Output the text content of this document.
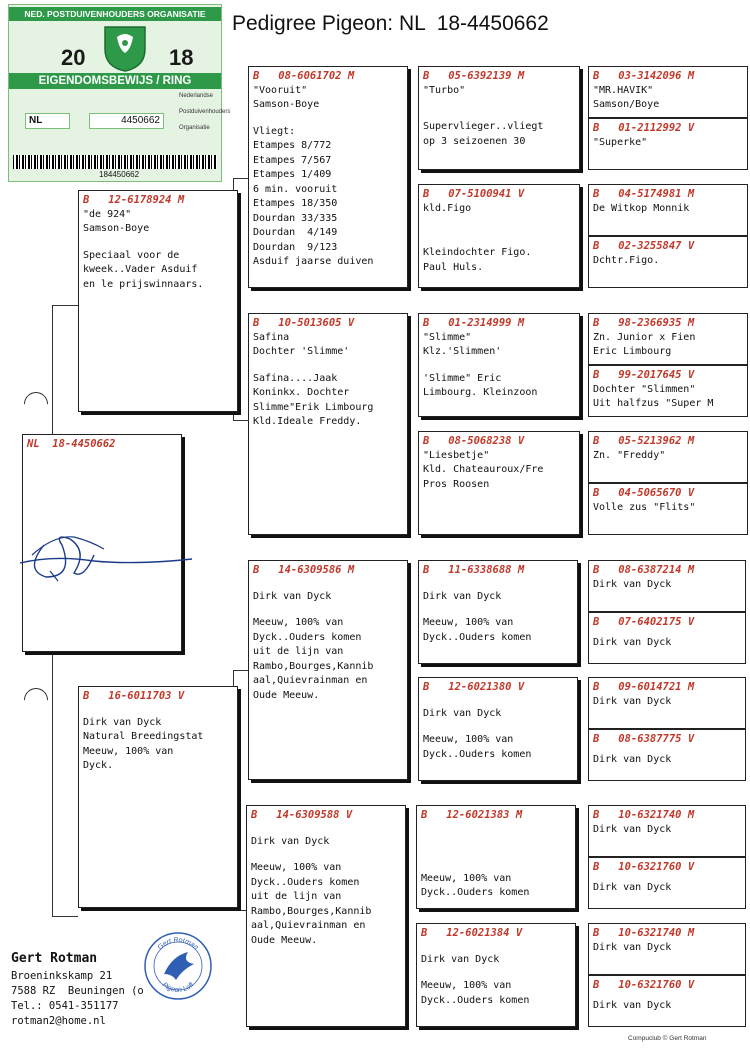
Pedigree Pigeon: NL  18-4450662
NED. POSTDUIVENHOUDERS ORGANISATIE
20	18
EIGENDOMSBEWIJS / RING
NL	4450662
Nederlandse
Postduivenhouders
Organisatie
184450662
NL  18-4450662
B   12-6178924 M
"de 924"
Samson-Boye
Speciaal voor de
kweek..Vader Asduif
en le prijswinnaars.
B   16-6011703 V
Dirk van Dyck
Natural Breedingstat
Meeuw, 100% van
Dyck.
B   08-6061702 M
"Vooruit"
Samson-Boye
Vliegt:
Etampes 8/772
Etampes 7/567
Etampes 1/409
6 min. vooruit
Etampes 18/350
Dourdan 33/335
Dourdan  4/149
Dourdan  9/123
Asduif jaarse duiven
B   10-5013605 V
Safina
Dochter 'Slimme'
Safina....Jaak
Koninkx. Dochter
Slimme"Erik Limbourg
Kld.Ideale Freddy.
B   14-6309586 M
Dirk van Dyck
Meeuw, 100% van
Dyck..Ouders komen
uit de lijn van
Rambo,Bourges,Kannib
aal,Quievrainman en
Oude Meeuw.
B   14-6309588 V
Dirk van Dyck
Meeuw, 100% van
Dyck..Ouders komen
uit de lijn van
Rambo,Bourges,Kannib
aal,Quievrainman en
Oude Meeuw.
B   05-6392139 M
"Turbo"
Supervlieger..vliegt
op 3 seizoenen 30
B   07-5100941 V
kld.Figo
Kleindochter Figo.
Paul Huls.
B   01-2314999 M
"Slimme"
Klz.'Slimmen'
'Slimme" Eric
Limbourg. Kleinzoon
B   08-5068238 V
"Liesbetje"
Kld. Chateauroux/Fre
Pros Roosen
B   11-6338688 M
Dirk van Dyck
Meeuw, 100% van
Dyck..Ouders komen
B   12-6021380 V
Dirk van Dyck
Meeuw, 100% van
Dyck..Ouders komen
B   12-6021383 M
Meeuw, 100% van
Dyck..Ouders komen
B   12-6021384 V
Dirk van Dyck
Meeuw, 100% van
Dyck..Ouders komen
B   03-3142096 M
"MR.HAVIK"
Samson/Boye
B   01-2112992 V
"Superke"
B   04-5174981 M
De Witkop Monnik
B   02-3255847 V
Dchtr.Figo.
B   98-2366935 M
Zn. Junior x Fien
Eric Limbourg
B   99-2017645 V
Dochter "Slimmen"
Uit halfzus "Super M
B   05-5213962 M
Zn. "Freddy"
B   04-5065670 V
Volle zus "Flits"
B   08-6387214 M
Dirk van Dyck
B   07-6402175 V
Dirk van Dyck
B   09-6014721 M
Dirk van Dyck
B   08-6387775 V
Dirk van Dyck
B   10-6321740 M
Dirk van Dyck
B   10-6321760 V
Dirk van Dyck
B   10-6321740 M
Dirk van Dyck
B   10-6321760 V
Dirk van Dyck
Gert Rotman
Broeninkskamp 21
7588 RZ  Beuningen (o
Tel.: 0541-351177
rotman2@home.nl
Gert Rotman
Pigeon Loft
Compuclub © Gert Rotman
